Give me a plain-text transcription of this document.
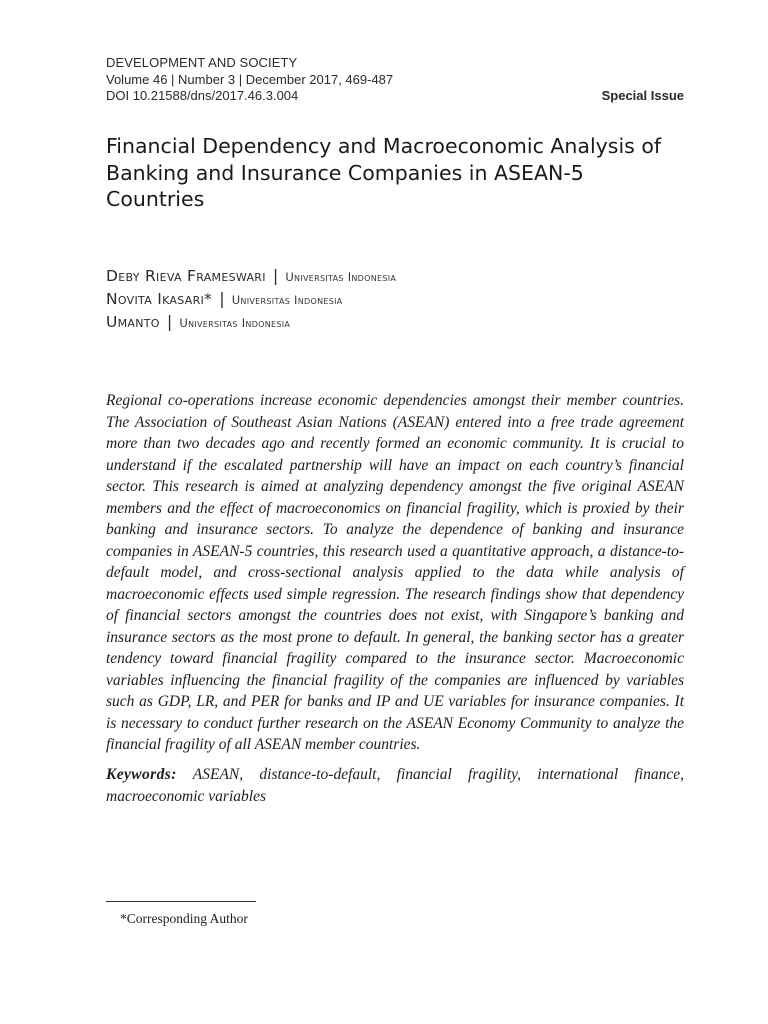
DEVELOPMENT AND SOCIETY
Volume 46 | Number 3 | December 2017, 469-487
DOI 10.21588/dns/2017.46.3.004	Special Issue
Financial Dependency and Macroeconomic Analysis of Banking and Insurance Companies in ASEAN-5 Countries
Deby Rieva Frameswari | Universitas Indonesia
Novita Ikasari* | Universitas Indonesia
Umanto | Universitas Indonesia

Regional co-operations increase economic dependencies amongst their member countries. The Association of Southeast Asian Nations (ASEAN) entered into a free trade agreement more than two decades ago and recently formed an economic community. It is crucial to understand if the escalated partnership will have an impact on each country’s financial sector. This research is aimed at analyzing dependency amongst the five original ASEAN members and the effect of macroeconomics on financial fragility, which is proxied by their banking and insurance sectors. To analyze the dependence of banking and insurance companies in ASEAN-5 countries, this research used a quantitative approach, a distance-to-default model, and cross-sectional analysis applied to the data while analysis of macroeconomic effects used simple regression. The research findings show that dependency of financial sectors amongst the countries does not exist, with Singapore’s banking and insurance sectors as the most prone to default. In general, the banking sector has a greater tendency toward financial fragility compared to the insurance sector. Macroeconomic variables influencing the financial fragility of the companies are influenced by variables such as GDP, LR, and PER for banks and IP and UE variables for insurance companies. It is necessary to conduct further research on the ASEAN Economy Community to analyze the financial fragility of all ASEAN member countries.

Keywords: ASEAN, distance-to-default, financial fragility, international finance, macroeconomic variables

*Corresponding Author
